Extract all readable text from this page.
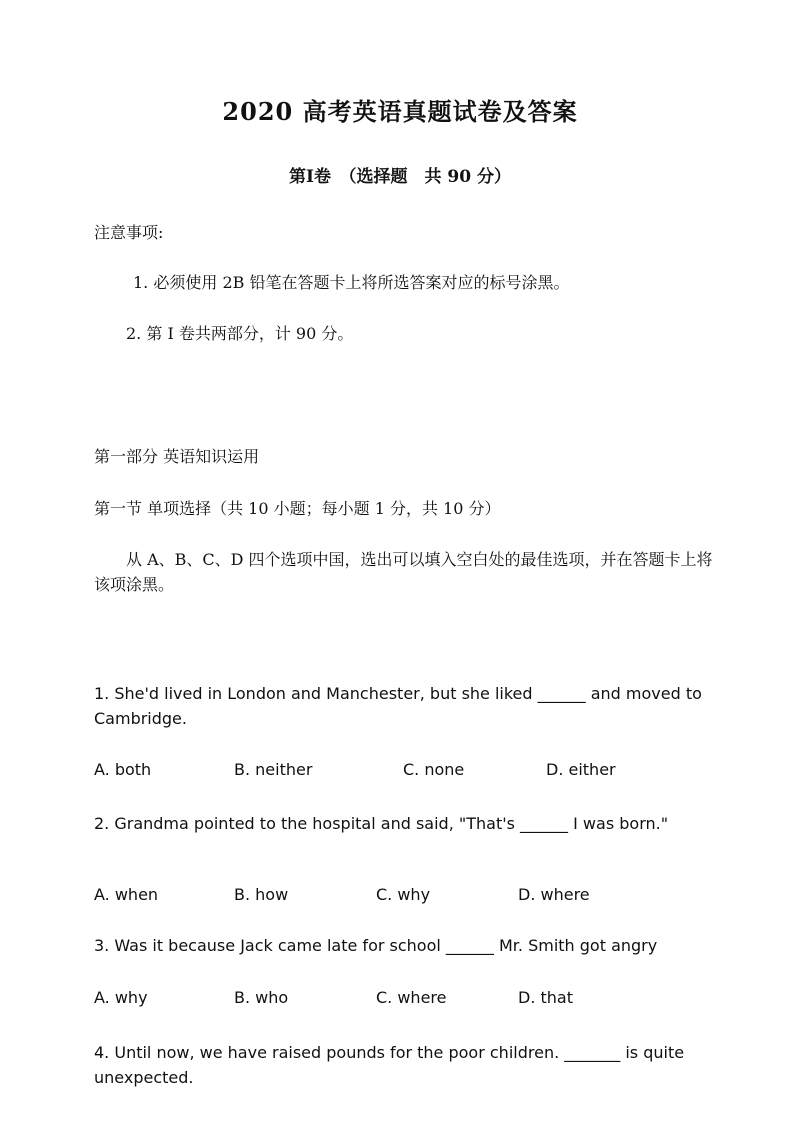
2020 高考英语真题试卷及答案
第I卷　（选择题　共 90 分）
注意事项:
1. 必须使用 2B 铅笔在答题卡上将所选答案对应的标号涂黑。
2. 第 I 卷共两部分，计 90 分。
第一部分 英语知识运用
第一节 单项选择（共 10 小题；每小题 1 分，共 10 分）
从 A、B、C、D 四个选项中国，选出可以填入空白处的最佳选项，并在答题卡上将该项涂黑。
1. She'd lived in London and Manchester, but she liked ______ and moved to Cambridge.
A. both	B. neither	C. none	D. either
2. Grandma pointed to the hospital and said, "That's ______ I was born."
A. when	B. how	C. why	D. where
3. Was it because Jack came late for school ______ Mr. Smith got angry
A. why	B. who	C. where	D. that
4. Until now, we have raised pounds for the poor children. _______ is quite unexpected.
